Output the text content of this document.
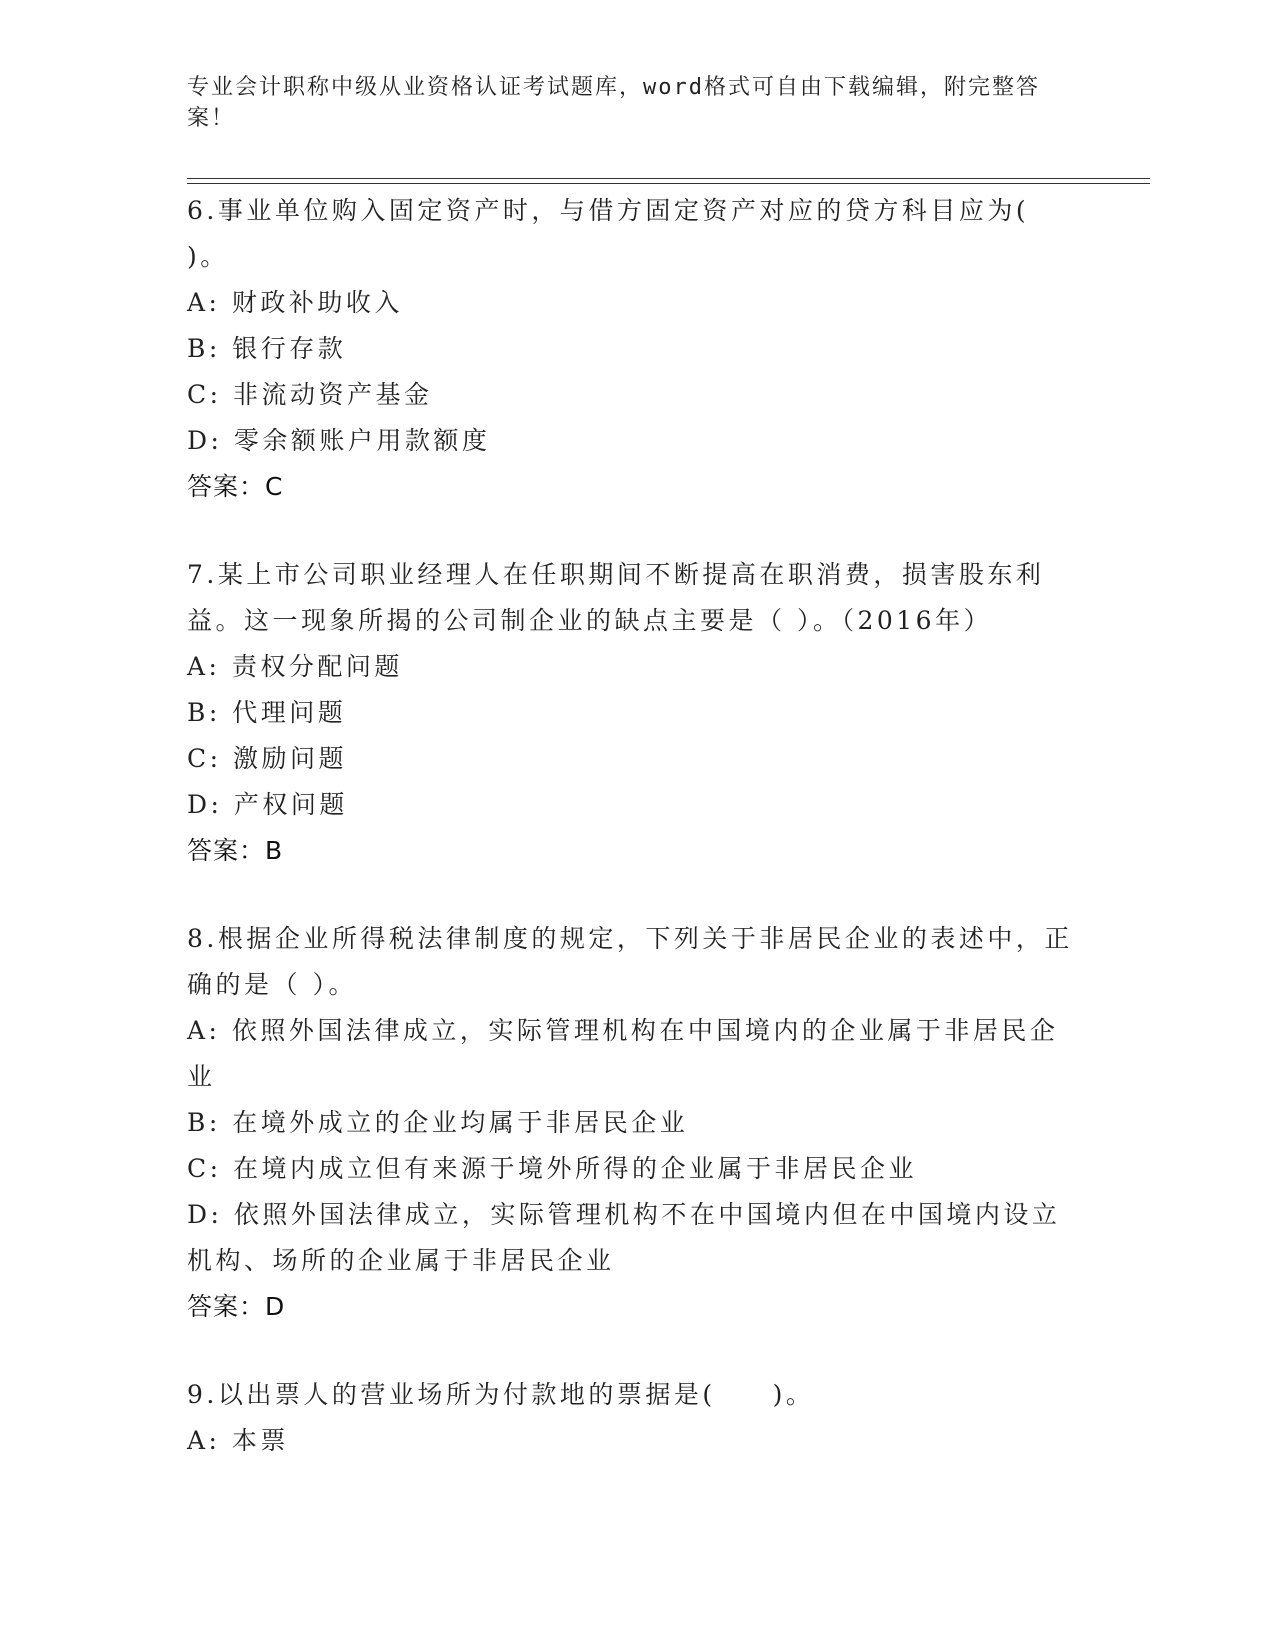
专业会计职称中级从业资格认证考试题库，word格式可自由下载编辑，附完整答案！

6.事业单位购入固定资产时，与借方固定资产对应的贷方科目应为( )。

A: 财政补助收入

B: 银行存款

C: 非流动资产基金

D: 零余额账户用款额度

答案：C

7.某上市公司职业经理人在任职期间不断提高在职消费，损害股东利益。这一现象所揭的公司制企业的缺点主要是（ ）。（2016年）

A: 责权分配问题

B: 代理问题

C: 激励问题

D: 产权问题

答案：B

8.根据企业所得税法律制度的规定，下列关于非居民企业的表述中，正确的是（ ）。

A: 依照外国法律成立，实际管理机构在中国境内的企业属于非居民企业

B: 在境外成立的企业均属于非居民企业

C: 在境内成立但有来源于境外所得的企业属于非居民企业

D: 依照外国法律成立，实际管理机构不在中国境内但在中国境内设立机构、场所的企业属于非居民企业

答案：D

9.以出票人的营业场所为付款地的票据是(　　)。

A: 本票
